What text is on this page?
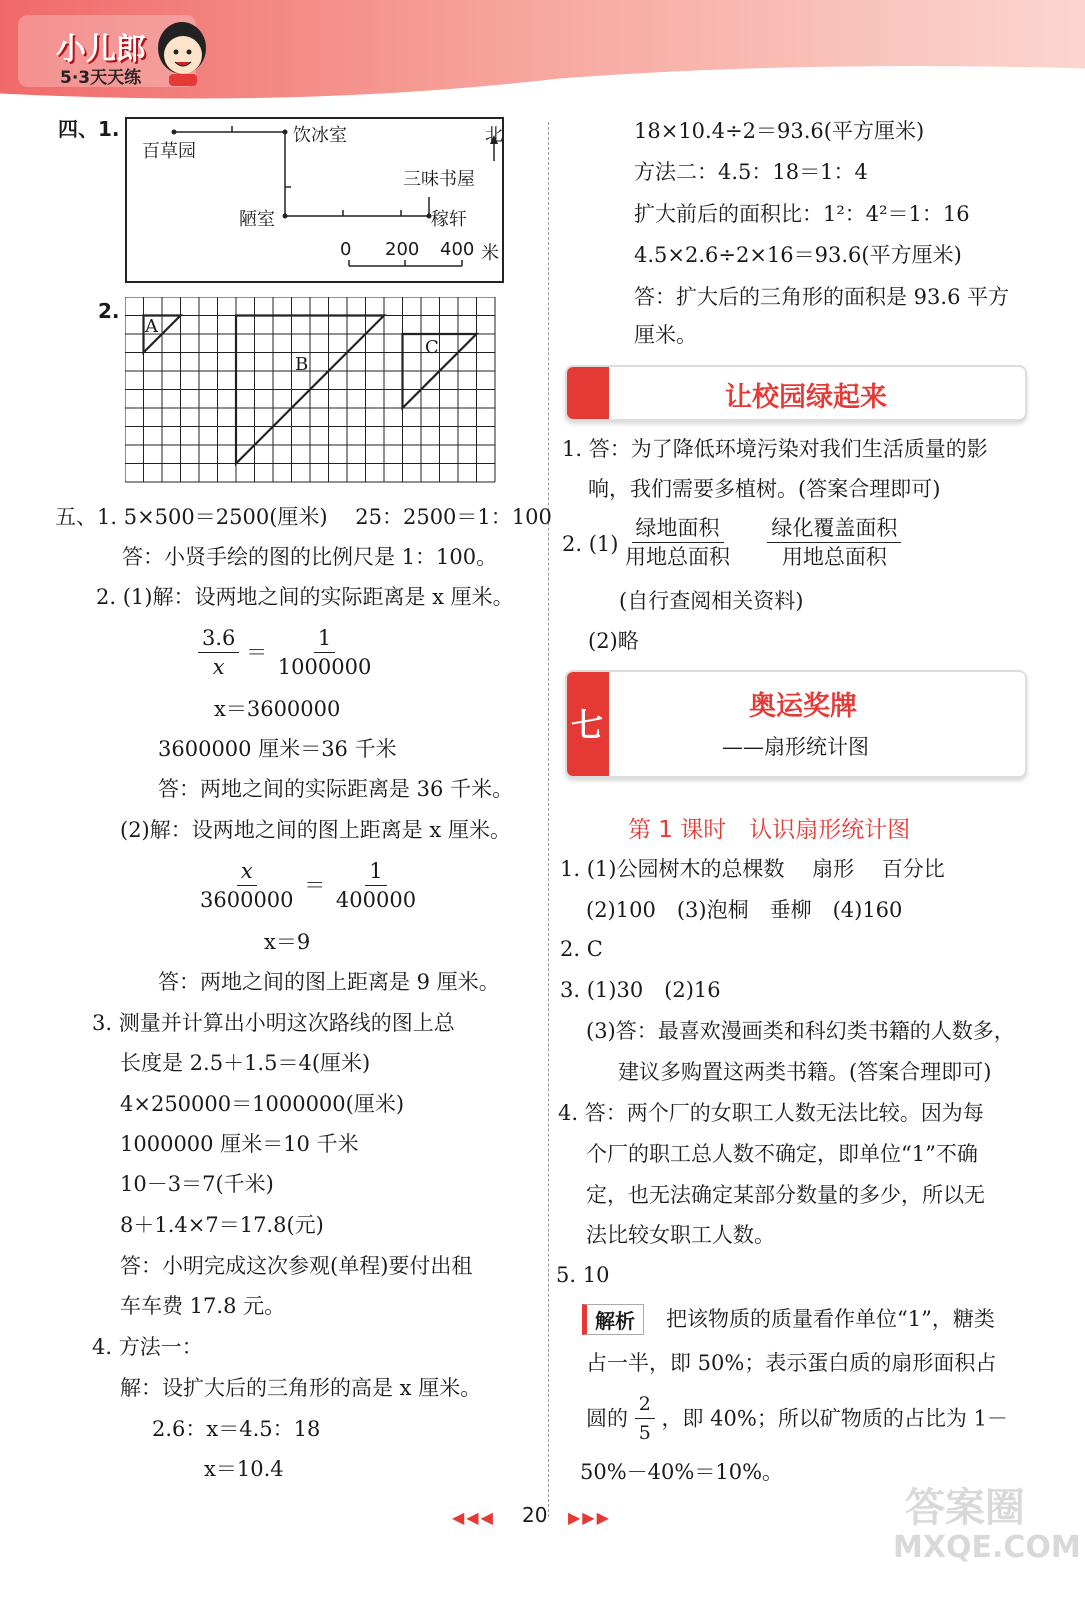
小儿郎
5·3天天练
四、1.
百草园
饮冰室
三味书屋
陋室	稼轩
北
0 200 400 米
2.
A
B
C
五、1. 5×500＝2500(厘米)　 25：2500＝1：100
答：小贤手绘的图的比例尺是 1：100。
2. (1)解：设两地之间的实际距离是 x 厘米。
$\frac{3.6}{x} = \frac{1}{1000000}$
x＝3600000
3600000 厘米＝36 千米
答：两地之间的实际距离是 36 千米。
(2)解：设两地之间的图上距离是 x 厘米。
$\frac{x}{3600000} = \frac{1}{400000}$
x＝9
答：两地之间的图上距离是 9 厘米。
3. 测量并计算出小明这次路线的图上总
长度是 2.5＋1.5＝4(厘米)
4×250000＝1000000(厘米)
1000000 厘米＝10 千米
10－3＝7(千米)
8＋1.4×7＝17.8(元)
答：小明完成这次参观(单程)要付出租
车车费 17.8 元。
4. 方法一：
解：设扩大后的三角形的高是 x 厘米。
2.6：x＝4.5：18
x＝10.4
18×10.4÷2＝93.6(平方厘米)
方法二：4.5：18＝1：4
扩大前后的面积比：1²：4²＝1：16
4.5×2.6÷2×16＝93.6(平方厘米)
答：扩大后的三角形的面积是 93.6 平方
厘米。
让校园绿起来
1. 答：为了降低环境污染对我们生活质量的影
响，我们需要多植树。(答案合理即可)
2. $(1) \frac{\text{绿地面积}}{\text{用地总面积}}$
$\frac{\text{绿化覆盖面积}}{\text{用地总面积}}$
(自行查阅相关资料)
(2)略
七	奥运奖牌
——扇形统计图
第 1 课时　认识扇形统计图
1. (1)公园树木的总棵数　 扇形　 百分比
(2)100　(3)泡桐　垂柳　(4)160
2. C
3. (1)30　(2)16
(3)答：最喜欢漫画类和科幻类书籍的人数多，
建议多购置这两类书籍。(答案合理即可)
4. 答：两个厂的女职工人数无法比较。因为每
个厂的职工总人数不确定，即单位“1”不确
定，也无法确定某部分数量的多少，所以无
法比较女职工人数。
5. 10
解析	把该物质的质量看作单位“1”，糖类
占一半，即 50%；表示蛋白质的扇形面积占
圆的 $\frac{2}{5}$ ，即 40%；所以矿物质的占比为 1－
50%－40%＝10%。
◀◀◀ 20 ▶▶▶	答案圈
MXQE.COM
